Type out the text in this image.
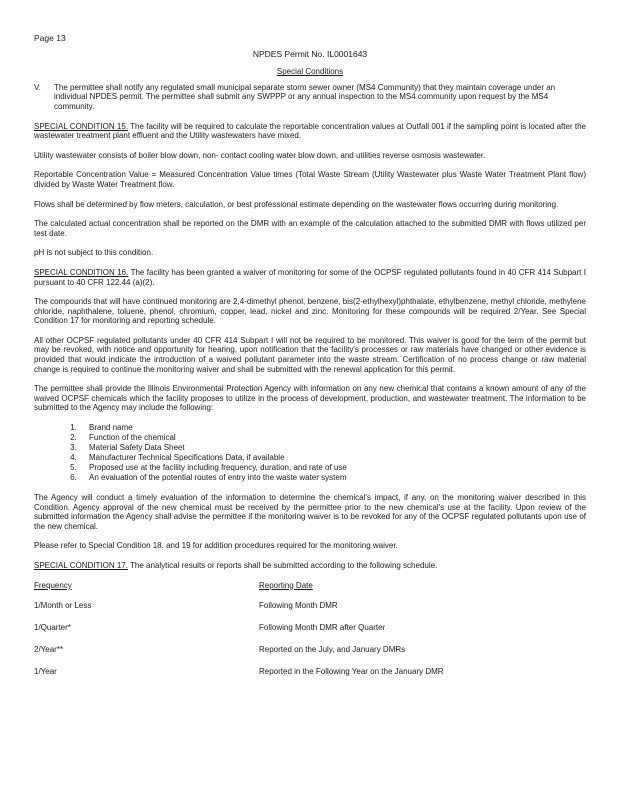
Page 13
NPDES Permit No. IL0001643
Special Conditions
V.	The permittee shall notify any regulated small municipal separate storm sewer owner (MS4 Community) that they maintain coverage under an individual NPDES permit. The permittee shall submit any SWPPP or any annual inspection to the MS4 community upon request by the MS4 community.

SPECIAL CONDITION 15. The facility will be required to calculate the reportable concentration values at Outfall 001 if the sampling point is located after the wastewater treatment plant effluent and the Utility wastewaters have mixed.

Utility wastewater consists of boiler blow down, non- contact cooling water blow down, and utilities reverse osmosis wastewater.

Reportable Concentration Value = Measured Concentration Value times (Total Waste Stream (Utility Wastewater plus Waste Water Treatment Plant flow) divided by Waste Water Treatment flow.

Flows shall be determined by flow meters, calculation, or best professional estimate depending on the wastewater flows occurring during monitoring.

The calculated actual concentration shall be reported on the DMR with an example of the calculation attached to the submitted DMR with flows utilized per test date.

pH is not subject to this condition.

SPECIAL CONDITION 16. The facility has been granted a waiver of monitoring for some of the OCPSF regulated pollutants found in 40 CFR 414 Subpart I pursuant to 40 CFR 122.44 (a)(2).

The compounds that will have continued monitoring are 2,4-dimethyl phenol, benzene, bis(2-ethylhexyl)phthalate, ethylbenzene, methyl chloride, methylene chloride, naphthalene, toluene, phenol, chromium, copper, lead, nickel and zinc. Monitoring for these compounds will be required 2/Year. See Special Condition 17 for monitoring and reporting schedule.

All other OCPSF regulated pollutants under 40 CFR 414 Subpart I will not be required to be monitored. This waiver is good for the term of the permit but may be revoked, with notice and opportunity for hearing, upon notification that the facility's processes or raw materials have changed or other evidence is provided that would indicate the introduction of a waived pollutant parameter into the waste stream. Certification of no process change or raw material change is required to continue the monitoring waiver and shall be submitted with the renewal application for this permit.

The permittee shall provide the Illinois Environmental Protection Agency with information on any new chemical that contains a known amount of any of the waived OCPSF chemicals which the facility proposes to utilize in the process of development, production, and wastewater treatment. The information to be submitted to the Agency may include the following:

1. Brand name
2. Function of the chemical
3. Material Safety Data Sheet
4. Manufacturer Technical Specifications Data, if available
5. Proposed use at the facility including frequency, duration, and rate of use
6. An evaluation of the potential routes of entry into the waste water system

The Agency will conduct a timely evaluation of the information to determine the chemical's impact, if any, on the monitoring waiver described in this Condition. Agency approval of the new chemical must be received by the permittee prior to the new chemical's use at the facility. Upon review of the submitted information the Agency shall advise the permittee if the monitoring waiver is to be revoked for any of the OCPSF regulated pollutants upon use of the new chemical.

Please refer to Special Condition 18. and 19 for addition procedures required for the monitoring waiver.

SPECIAL CONDITION 17. The analytical results or reports shall be submitted according to the following schedule.

Frequency	Reporting Date
1/Month or Less	Following Month DMR
1/Quarter*	Following Month DMR after Quarter
2/Year**	Reported on the July, and January DMRs
1/Year	Reported in the Following Year on the January DMR
